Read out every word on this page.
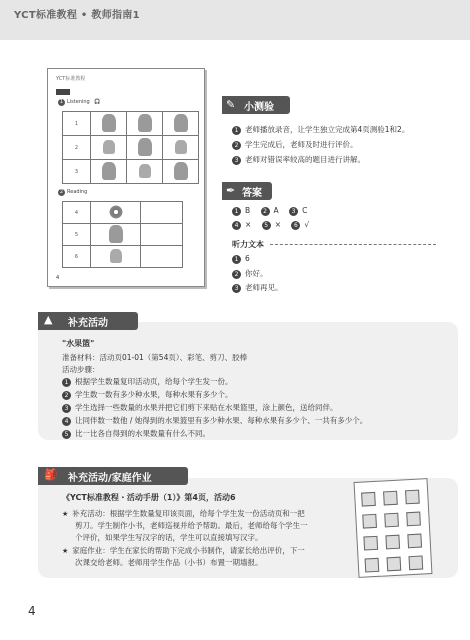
YCT标准教程 • 教师指南1
YCT标准教程
1 Listening 🎧
1			
2			
3			
2 Reading
4		
5		
6		
4
✎ 小测验
1 老师播放录音，让学生独立完成第4页测验1和2。
2 学生完成后，老师及时进行评价。
3 老师对错误率较高的题目进行讲解。
✒ 答案
1 B 2 A 3 C
4 × 5 × 6 √
听力文本
1 6
2 你好。
3 老师再见。
▲ 补充活动
"水果篮"
准备材料：活动页01-01（第54页）、彩笔、剪刀、胶棒
活动步骤：
1 根据学生数量复印活动页，给每个学生发一份。
2 学生数一数有多少种水果，每种水果有多少个。
3 学生选择一些数量的水果并把它们剪下来贴在水果篮里，涂上颜色，送给同伴。
4 让同伴数一数他 / 她得到的水果篮里有多少种水果、每种水果有多少个、一共有多少个。
5 比一比各自得到的水果数量有什么不同。
🎒 补充活动/家庭作业
《YCT标准教程・活动手册（1）》第4页，活动6
★ 补充活动：根据学生数量复印该页面，给每个学生发一份活动页和一把
剪刀。学生制作小书，老师巡视并给予帮助。最后，老师给每个学生一
个评价，如果学生写汉字的话，学生可以直接填写汉字。
★ 家庭作业：学生在家长的帮助下完成小书制作，请家长给出评价，下一
次课交给老师。老师用学生作品（小书）布置一期墙报。
4
